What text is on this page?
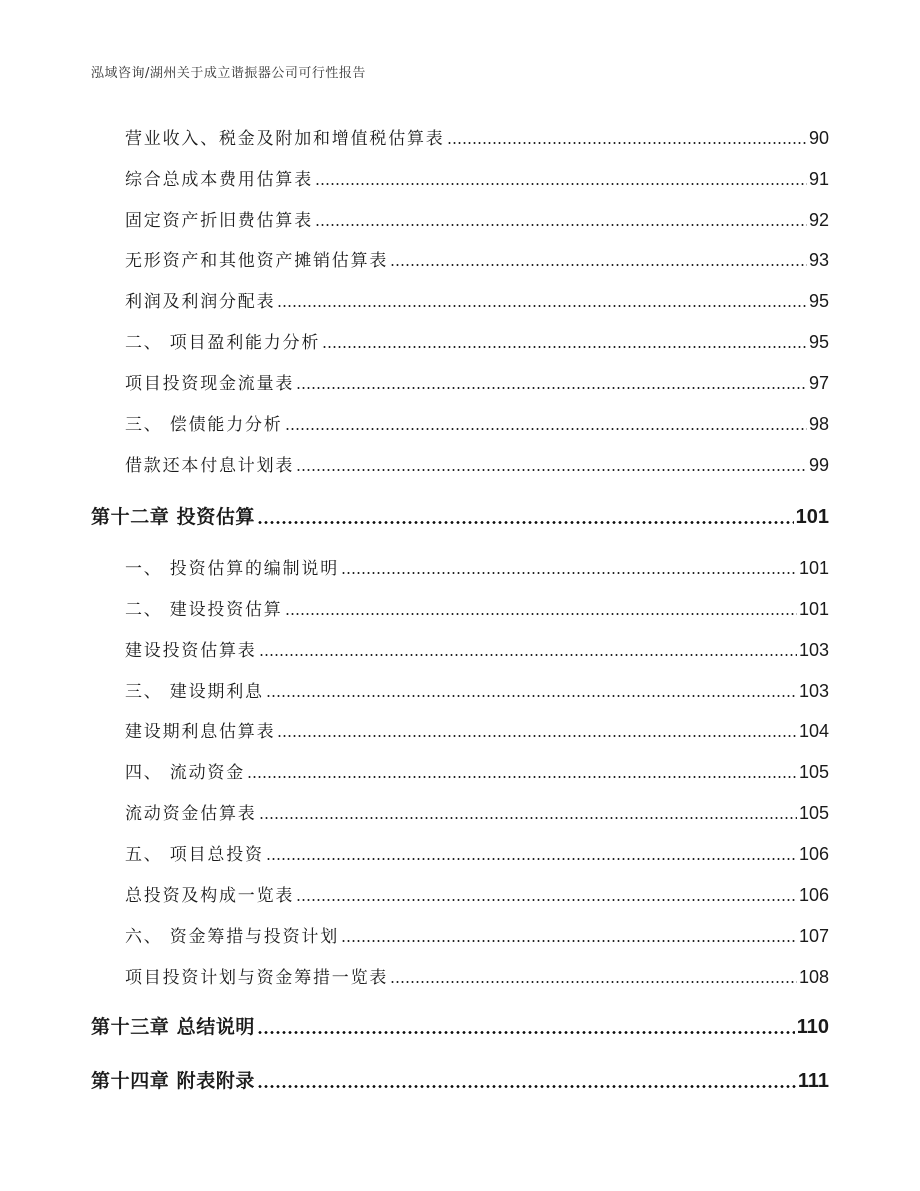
泓域咨询/湖州关于成立谐振器公司可行性报告
营业收入、税金及附加和增值税估算表	90
综合总成本费用估算表	91
固定资产折旧费估算表	92
无形资产和其他资产摊销估算表	93
利润及利润分配表	95
二、 项目盈利能力分析	95
项目投资现金流量表	97
三、 偿债能力分析	98
借款还本付息计划表	99
第十二章 投资估算	101
一、 投资估算的编制说明	101
二、 建设投资估算	101
建设投资估算表	103
三、 建设期利息	103
建设期利息估算表	104
四、 流动资金	105
流动资金估算表	105
五、 项目总投资	106
总投资及构成一览表	106
六、 资金筹措与投资计划	107
项目投资计划与资金筹措一览表	108
第十三章 总结说明	110
第十四章 附表附录	111
